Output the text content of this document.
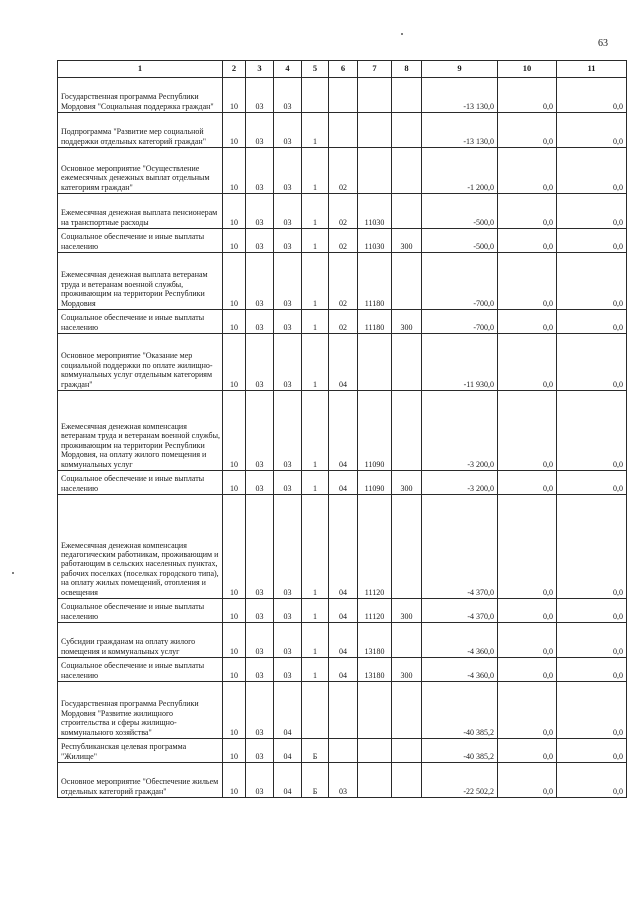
63
1	2	3	4	5	6	7	8	9	10	11
Государственная программа Республики Мордовия "Социальная поддержка граждан"	10	03	03					-13 130,0	0,0	0,0
Подпрограмма "Развитие мер социальной поддержки отдельных категорий граждан"	10	03	03	1				-13 130,0	0,0	0,0
Основное мероприятие "Осуществление ежемесячных денежных выплат отдельным категориям граждан"	10	03	03	1	02			-1 200,0	0,0	0,0
Ежемесячная денежная выплата пенсионерам на транспортные расходы	10	03	03	1	02	11030		-500,0	0,0	0,0
Социальное обеспечение и иные выплаты населению	10	03	03	1	02	11030	300	-500,0	0,0	0,0
Ежемесячная денежная выплата ветеранам труда и ветеранам военной службы, проживающим на территории Республики Мордовия	10	03	03	1	02	11180		-700,0	0,0	0,0
Социальное обеспечение и иные выплаты населению	10	03	03	1	02	11180	300	-700,0	0,0	0,0
Основное мероприятие "Оказание мер социальной поддержки по оплате жилищно-коммунальных услуг отдельным категориям граждан"	10	03	03	1	04			-11 930,0	0,0	0,0
Ежемесячная денежная компенсация ветеранам труда и ветеранам военной службы, проживающим на территории Республики Мордовия, на оплату жилого помещения и коммунальных услуг	10	03	03	1	04	11090		-3 200,0	0,0	0,0
Социальное обеспечение и иные выплаты населению	10	03	03	1	04	11090	300	-3 200,0	0,0	0,0
Ежемесячная денежная компенсация педагогическим работникам, проживающим и работающим в сельских населенных пунктах, рабочих поселках (поселках городского типа), на оплату жилых помещений, отопления и освещения	10	03	03	1	04	11120		-4 370,0	0,0	0,0
Социальное обеспечение и иные выплаты населению	10	03	03	1	04	11120	300	-4 370,0	0,0	0,0
Субсидии гражданам на оплату жилого помещения и коммунальных услуг	10	03	03	1	04	13180		-4 360,0	0,0	0,0
Социальное обеспечение и иные выплаты населению	10	03	03	1	04	13180	300	-4 360,0	0,0	0,0
Государственная программа Республики Мордовия "Развитие жилищного строительства и сферы жилищно-коммунального хозяйства"	10	03	04					-40 385,2	0,0	0,0
Республиканская целевая программа "Жилище"	10	03	04	Б				-40 385,2	0,0	0,0
Основное мероприятие "Обеспечение жильем отдельных категорий граждан"	10	03	04	Б	03			-22 502,2	0,0	0,0
